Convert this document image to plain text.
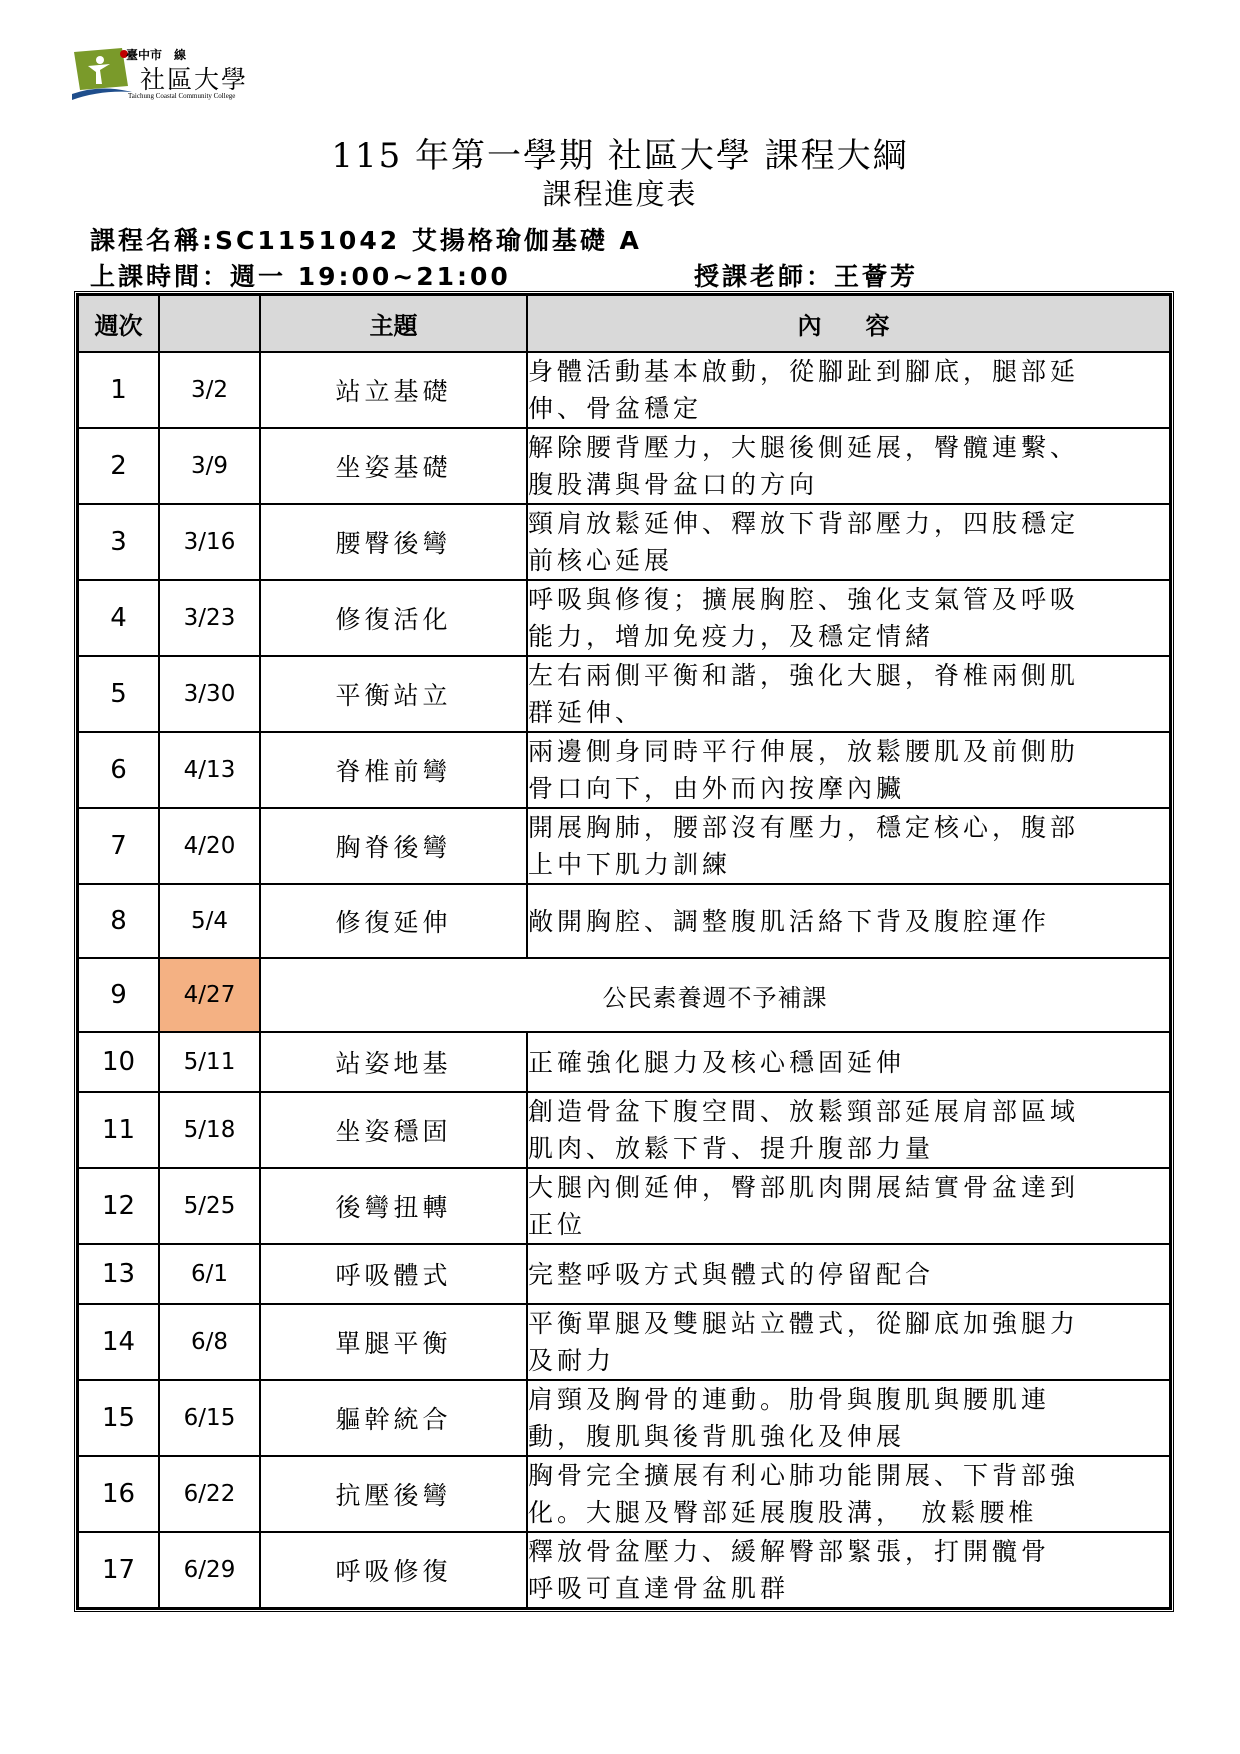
臺中市 線
社區大學
Taichung Coastal Community College
115 年第一學期 社區大學 課程大綱
課程進度表
課程名稱:SC1151042 艾揚格瑜伽基礎 A
上課時間：週一 19:00~21:00	授課老師：王薈芳
週次		主題	內　容
1	3/2	站立基礎	身體活動基本啟動，從腳趾到腳底，腿部延
伸、骨盆穩定

2	3/9	坐姿基礎	解除腰背壓力，大腿後側延展，臀髖連繫、
腹股溝與骨盆口的方向

3	3/16	腰臀後彎	頸肩放鬆延伸、釋放下背部壓力，四肢穩定
前核心延展

4	3/23	修復活化	呼吸與修復；擴展胸腔、強化支氣管及呼吸
能力，增加免疫力，及穩定情緒

5	3/30	平衡站立	左右兩側平衡和諧，強化大腿，脊椎兩側肌
群延伸、

6	4/13	脊椎前彎	兩邊側身同時平行伸展，放鬆腰肌及前側肋
骨口向下，由外而內按摩內臟

7	4/20	胸脊後彎	開展胸肺，腰部沒有壓力，穩定核心，腹部
上中下肌力訓練

8	5/4	修復延伸	敞開胸腔、調整腹肌活絡下背及腹腔運作

9	4/27	公民素養週不予補課	
10	5/11	站姿地基	正確強化腿力及核心穩固延伸

11	5/18	坐姿穩固	創造骨盆下腹空間、放鬆頸部延展肩部區域
肌肉、放鬆下背、提升腹部力量

12	5/25	後彎扭轉	大腿內側延伸，臀部肌肉開展結實骨盆達到
正位

13	6/1	呼吸體式	完整呼吸方式與體式的停留配合

14	6/8	單腿平衡	平衡單腿及雙腿站立體式，從腳底加強腿力
及耐力

15	6/15	軀幹統合	肩頸及胸骨的連動。肋骨與腹肌與腰肌連
動，腹肌與後背肌強化及伸展

16	6/22	抗壓後彎	胸骨完全擴展有利心肺功能開展、下背部強
化。大腿及臀部延展腹股溝，　放鬆腰椎

17	6/29	呼吸修復	釋放骨盆壓力、緩解臀部緊張，打開髖骨
呼吸可直達骨盆肌群
